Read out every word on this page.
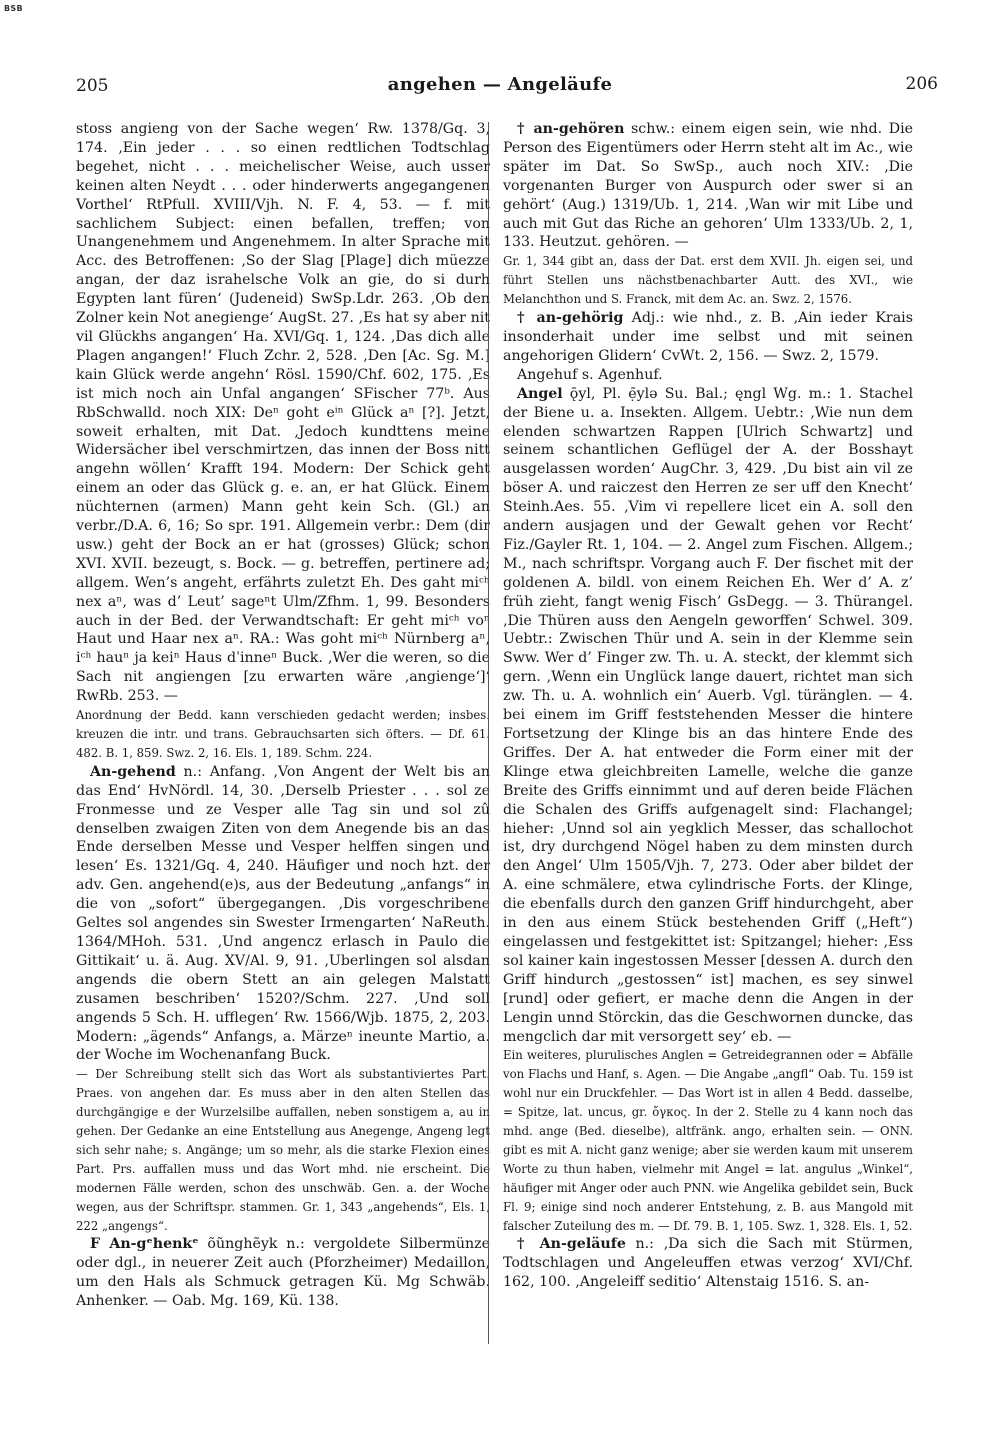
BSB
205	angehen — Angeläufe	206

stoss angieng von der Sache wegen‘ Rw. 1378/Gq. 3, 174. ‚Ein jeder . . . so einen redtlichen Todtschlag begehet, nicht . . . meichelischer Weise, auch usser keinen alten Neydt . . . oder hinderwerts angegangenen Vorthel‘ RtPfull. XVIII/Vjh. N. F. 4, 53. — f. mit sachlichem Subject: einen befallen, treffen; von Unangenehmem und Angenehmem. In alter Sprache mit Acc. des Betroffenen: ‚So der Slag [Plage] dich müezze angan, der daz israhelsche Volk an gie, do si durh Egypten lant füren‘ (Judeneid) SwSp.Ldr. 263. ‚Ob den Zolner kein Not anegienge‘ AugSt. 27. ‚Es hat sy aber nit vil Glückhs angangen‘ Ha. XVI/Gq. 1, 124. ‚Das dich alle Plagen angangen!‘ Fluch Zchr. 2, 528. ‚Den [Ac. Sg. M.] kain Glück werde angehn‘ Rösl. 1590/Chf. 602, 175. ‚Es ist mich noch ain Unfal angangen‘ SFischer 77ᵇ. Aus RbSchwalld. noch XIX: Deⁿ goht eⁱⁿ Glück aⁿ [?]. Jetzt, soweit erhalten, mit Dat. ‚Jedoch kundttens meine Widersächer ibel verschmirtzen, das innen der Boss nitt angehn wöllen‘ Krafft 194. Modern: Der Schick geht einem an oder das Glück g. e. an, er hat Glück. Einem nüchternen (armen) Mann geht kein Sch. (Gl.) an verbr./D.A. 6, 16; So spr. 191. Allgemein verbr.: Dem (dir usw.) geht der Bock an er hat (grosses) Glück; schon XVI. XVII. bezeugt, s. Bock. — g. betreffen, pertinere ad; allgem. Wen’s angeht, erfährts zuletzt Eh. Des gaht miᶜʰ nex aⁿ, was d’ Leut’ sageⁿt Ulm/Zfhm. 1, 99. Besonders auch in der Bed. der Verwandtschaft: Er geht miᶜʰ voⁿ Haut und Haar nex aⁿ. RA.: Was goht miᶜʰ Nürnberg aⁿ, iᶜʰ hauⁿ ja keiⁿ Haus dˈinneⁿ Buck. ‚Wer die weren, so die Sach nit angiengen [zu erwarten wäre ‚angienge‘]‘ RwRb. 253. —

Anordnung der Bedd. kann verschieden gedacht werden; insbes. kreuzen die intr. und trans. Gebrauchsarten sich öfters. — Df. 61. 482. B. 1, 859. Swz. 2, 16. Els. 1, 189. Schm. 224.

An-gehend n.: Anfang. ‚Von Angent der Welt bis an das End‘ HvNördl. 14, 30. ‚Derselb Priester . . . sol ze Fronmesse und ze Vesper alle Tag sin und sol zû denselben zwaigen Ziten von dem Anegende bis an das Ende derselben Messe und Vesper helffen singen und lesen‘ Es. 1321/Gq. 4, 240. Häufiger und noch hzt. der adv. Gen. angehend(e)s, aus der Bedeutung „anfangs“ in die von „sofort“ übergegangen. ‚Dis vorgeschribene Geltes sol angendes sin Swester Irmengarten‘ NaReuth. 1364/MHoh. 531. ‚Und angencz erlasch in Paulo die Gittikait‘ u. ä. Aug. XV/Al. 9, 91. ‚Uberlingen sol alsdan angends die obern Stett an ain gelegen Malstatt zusamen beschriben‘ 1520?/Schm. 227. ‚Und soll angends 5 Sch. H. ufflegen‘ Rw. 1566/Wjb. 1875, 2, 203. Modern: „ägends“ Anfangs, a. Märzeⁿ ineunte Martio, a. der Woche im Wochenanfang Buck.

— Der Schreibung stellt sich das Wort als substantiviertes Part. Praes. von angehen dar. Es muss aber in den alten Stellen das durchgängige e der Wurzelsilbe auffallen, neben sonstigem a, au in gehen. Der Gedanke an eine Entstellung aus Anegenge, Angeng legt sich sehr nahe; s. Angänge; um so mehr, als die starke Flexion eines Part. Prs. auffallen muss und das Wort mhd. nie erscheint. Die modernen Fälle werden, schon des unschwäb. Gen. a. der Woche wegen, aus der Schriftspr. stammen. Gr. 1, 343 „angehends“, Els. 1, 222 „angengs“.

F An-gᵉhenkᵉ õũnghẽyk n.: vergoldete Silbermünze oder dgl., in neuerer Zeit auch (Pforzheimer) Medaillon, um den Hals als Schmuck getragen Kü. Mg Schwäb. Anhenker. — Oab. Mg. 169, Kü. 138.

† an-gehören schw.: einem eigen sein, wie nhd. Die Person des Eigentümers oder Herrn steht alt im Ac., wie später im Dat. So SwSp., auch noch XIV.: ‚Die vorgenanten Burger von Auspurch oder swer si an gehört‘ (Aug.) 1319/Ub. 1, 214. ‚Wan wir mit Libe und auch mit Gut das Riche an gehoren‘ Ulm 1333/Ub. 2, 1, 133. Heutzut. gehören. —

Gr. 1, 344 gibt an, dass der Dat. erst dem XVII. Jh. eigen sei, und führt Stellen uns nächstbenachbarter Autt. des XVI., wie Melanchthon und S. Franck, mit dem Ac. an. Swz. 2, 1576.

† an-gehörig Adj.: wie nhd., z. B. ‚Ain ieder Krais insonderhait under ime selbst und mit seinen angehorigen Glidern‘ CvWt. 2, 156. — Swz. 2, 1579.

Angehuf s. Agenhuf.

Angel ǭyl, Pl. ẹ̄ylə Su. Bal.; ę̣ngl Wg. m.: 1. Stachel der Biene u. a. Insekten. Allgem. Uebtr.: ‚Wie nun dem elenden schwartzen Rappen [Ulrich Schwartz] und seinem schantlichen Geflügel der A. der Bosshayt ausgelassen worden‘ AugChr. 3, 429. ‚Du bist ain vil ze böser A. und raiczest den Herren ze ser uff den Knecht‘ Steinh.Aes. 55. ‚Vim vi repellere licet ein A. soll den andern ausjagen und der Gewalt gehen vor Recht‘ Fiz./Gayler Rt. 1, 104. — 2. Angel zum Fischen. Allgem.; M., nach schriftspr. Vorgang auch F. Der fischet mit der goldenen A. bildl. von einem Reichen Eh. Wer d’ A. z’ früh zieht, fangt wenig Fisch’ GsDegg. — 3. Thürangel. ‚Die Thüren auss den Aengeln geworffen‘ Schwel. 309. Uebtr.: Zwischen Thür und A. sein in der Klemme sein Sww. Wer d’ Finger zw. Th. u. A. steckt, der klemmt sich gern. ‚Wenn ein Unglück lange dauert, richtet man sich zw. Th. u. A. wohnlich ein‘ Auerb. Vgl. türänglen. — 4. bei einem im Griff feststehenden Messer die hintere Fortsetzung der Klinge bis an das hintere Ende des Griffes. Der A. hat entweder die Form einer mit der Klinge etwa gleichbreiten Lamelle, welche die ganze Breite des Griffs einnimmt und auf deren beide Flächen die Schalen des Griffs aufgenagelt sind: Flachangel; hieher: ‚Unnd sol ain yegklich Messer, das schallochot ist, dry durchgend Nögel haben zu dem minsten durch den Angel‘ Ulm 1505/Vjh. 7, 273. Oder aber bildet der A. eine schmälere, etwa cylindrische Forts. der Klinge, die ebenfalls durch den ganzen Griff hindurchgeht, aber in den aus einem Stück bestehenden Griff („Heft“) eingelassen und festgekittet ist: Spitzangel; hieher: ‚Ess sol kainer kain ingestossen Messer [dessen A. durch den Griff hindurch „gestossen“ ist] machen, es sey sinwel [rund] oder gefiert, er mache denn die Angen in der Lengin unnd Störckin, das die Geschwornen duncke, das mengclich dar mit versorgett sey‘ eb. —

Ein weiteres, plurulisches Anglen = Getreidegrannen oder = Abfälle von Flachs und Hanf, s. Agen. — Die Angabe „angfl“ Oab. Tu. 159 ist wohl nur ein Druckfehler. — Das Wort ist in allen 4 Bedd. dasselbe, = Spitze, lat. uncus, gr. ὄγκος. In der 2. Stelle zu 4 kann noch das mhd. ange (Bed. dieselbe), altfränk. ango, erhalten sein. — ONN. gibt es mit A. nicht ganz wenige; aber sie werden kaum mit unserem Worte zu thun haben, vielmehr mit Angel = lat. angulus „Winkel“, häufiger mit Anger oder auch PNN. wie Angelika gebildet sein, Buck Fl. 9; einige sind noch anderer Entstehung, z. B. aus Mangold mit falscher Zuteilung des m. — Df. 79. B. 1, 105. Swz. 1, 328. Els. 1, 52.

† An-geläufe n.: ‚Da sich die Sach mit Stürmen, Todtschlagen und Angeleuffen etwas verzog‘ XVI/Chf. 162, 100. ‚Angeleiff seditio‘ Altenstaig 1516. S. an-
